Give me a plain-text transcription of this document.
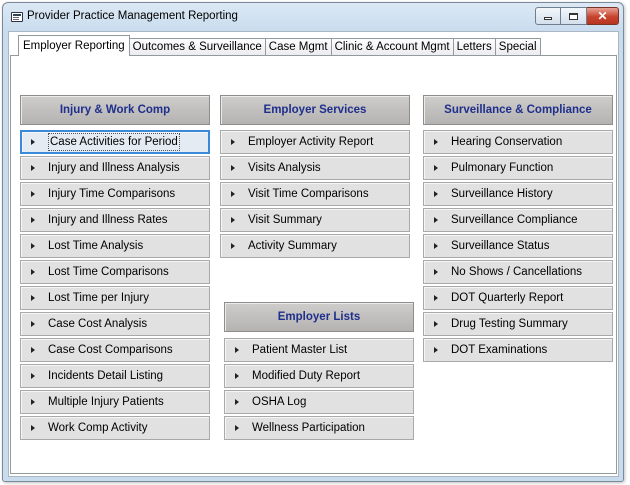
Provider Practice Management Reporting	✕
Employer Reporting Outcomes & Surveillance Case Mgmt Clinic & Account Mgmt Letters Special
Injury & Work Comp
Case Activities for Period
Injury and Illness Analysis
Injury Time Comparisons
Injury and Illness Rates
Lost Time Analysis
Lost Time Comparisons
Lost Time per Injury
Case Cost Analysis
Case Cost Comparisons
Incidents Detail Listing
Multiple Injury Patients
Work Comp Activity
Employer Services
Employer Activity Report
Visits Analysis
Visit Time Comparisons
Visit Summary
Activity Summary
Employer Lists
Patient Master List
Modified Duty Report
OSHA Log
Wellness Participation
Surveillance & Compliance
Hearing Conservation
Pulmonary Function
Surveillance History
Surveillance Compliance
Surveillance Status
No Shows / Cancellations
DOT Quarterly Report
Drug Testing Summary
DOT Examinations
